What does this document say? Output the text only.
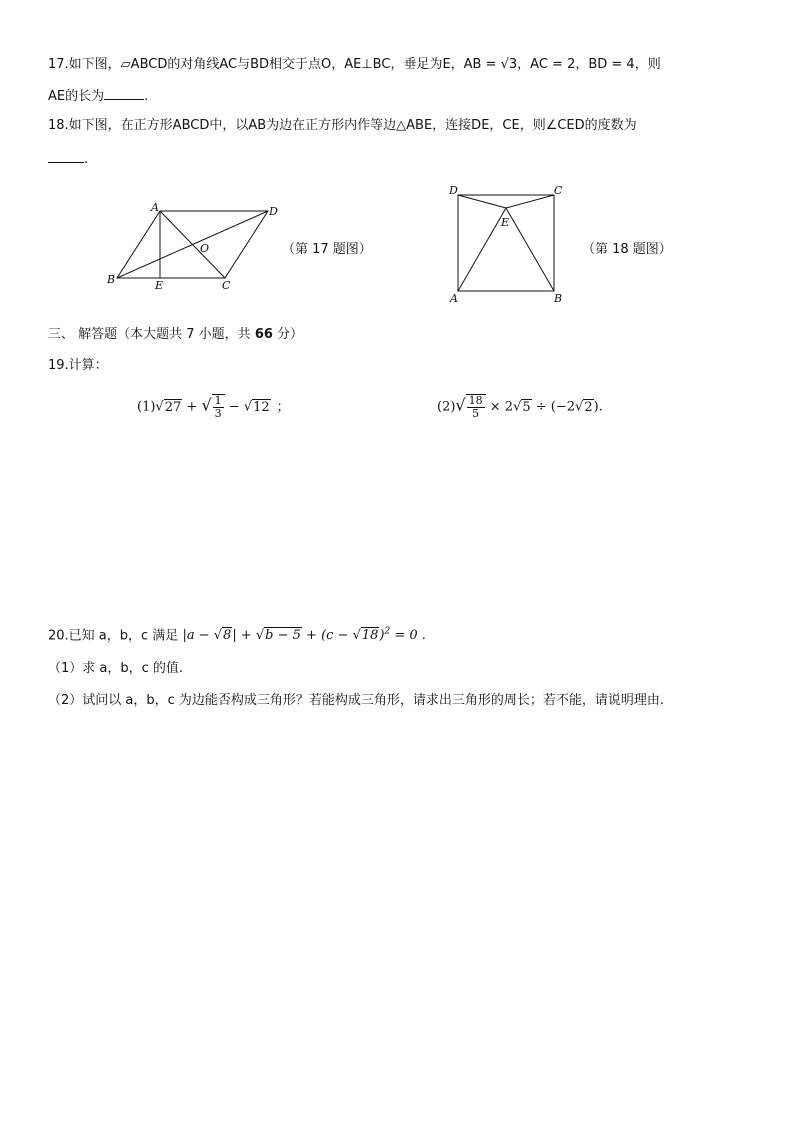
17.如下图，▱ABCD的对角线AC与BD相交于点O，AE⊥BC，垂足为E，AB = √3，AC = 2，BD = 4，则
AE的长为	.
18.如下图，在正方形ABCD中，以AB为边在正方形内作等边△ABE，连接DE，CE，则∠CED的度数为
.
A	D
B	E	C
O	（第 17 题图）
D	C
E
A	B
（第 18 题图）
三、 解答题（本大题共 7 小题，共 66 分）
19.计算：
(1)√27 + √ $\frac{1}{3} - √12$ ；	$(2)√ \frac{18}{5} \times 2√5 \div (-2√2)$.
20.已知 a，b，c 满足 $|a - √8| + √b - 5 + (c - √18)^2 = 0$ .
（1）求 a，b，c 的值.
（2）试问以 a，b，c 为边能否构成三角形？若能构成三角形，请求出三角形的周长；若不能，请说明理由.
